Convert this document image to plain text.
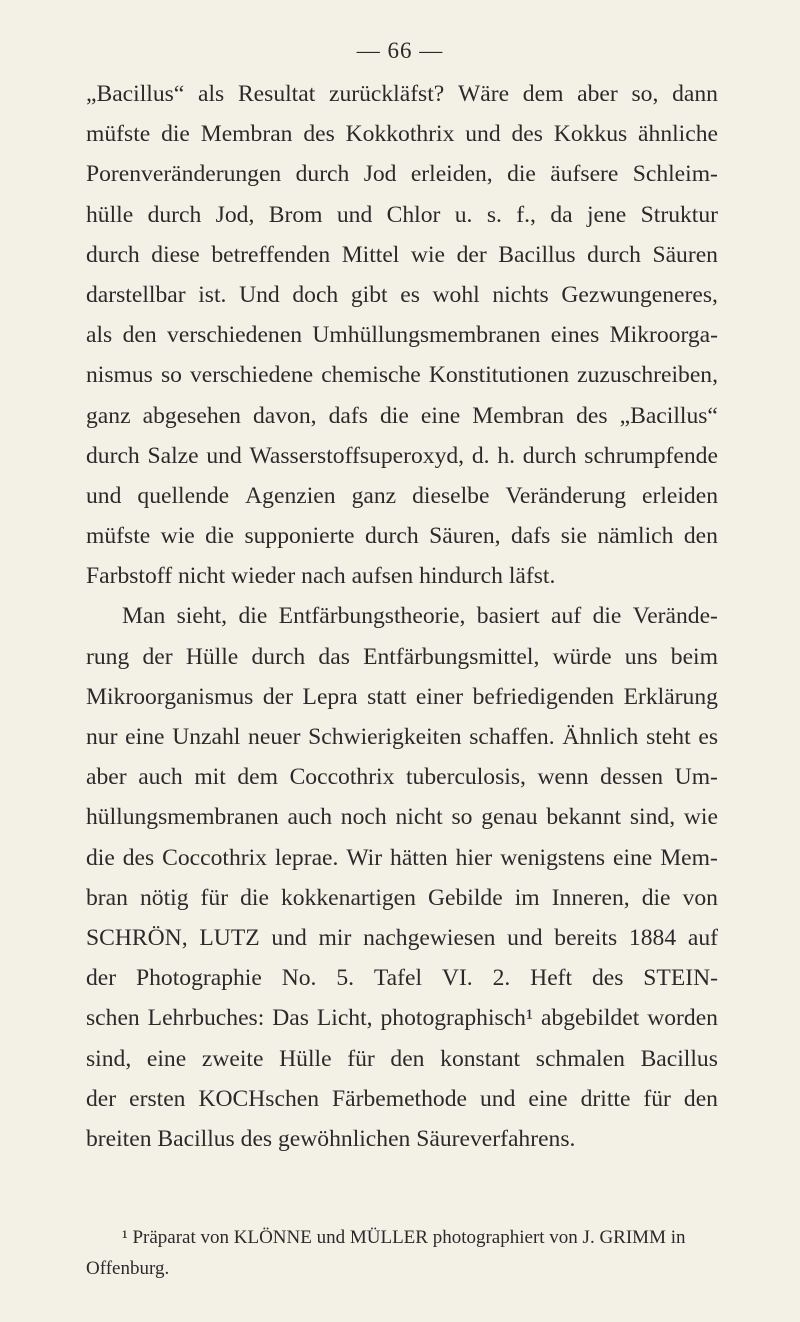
— 66 —
„Bacillus“ als Resultat zurückläfst? Wäre dem aber so, dann
müfste die Membran des Kokkothrix und des Kokkus ähnliche
Porenveränderungen durch Jod erleiden, die äufsere Schleim-
hülle durch Jod, Brom und Chlor u. s. f., da jene Struktur
durch diese betreffenden Mittel wie der Bacillus durch Säuren
darstellbar ist. Und doch gibt es wohl nichts Gezwungeneres,
als den verschiedenen Umhüllungsmembranen eines Mikroorga-
nismus so verschiedene chemische Konstitutionen zuzuschreiben,
ganz abgesehen davon, dafs die eine Membran des „Bacillus“
durch Salze und Wasserstoffsuperoxyd, d. h. durch schrumpfende
und quellende Agenzien ganz dieselbe Veränderung erleiden
müfste wie die supponierte durch Säuren, dafs sie nämlich den
Farbstoff nicht wieder nach aufsen hindurch läfst.
Man sieht, die Entfärbungstheorie, basiert auf die Verände-
rung der Hülle durch das Entfärbungsmittel, würde uns beim
Mikroorganismus der Lepra statt einer befriedigenden Erklärung
nur eine Unzahl neuer Schwierigkeiten schaffen. Ähnlich steht es
aber auch mit dem Coccothrix tuberculosis, wenn dessen Um-
hüllungsmembranen auch noch nicht so genau bekannt sind, wie
die des Coccothrix leprae. Wir hätten hier wenigstens eine Mem-
bran nötig für die kokkenartigen Gebilde im Inneren, die von
SCHRÖN, LUTZ und mir nachgewiesen und bereits 1884 auf
der Photographie No. 5. Tafel VI. 2. Heft des STEIN-
schen Lehrbuches: Das Licht, photographisch¹ abgebildet worden
sind, eine zweite Hülle für den konstant schmalen Bacillus
der ersten KOCHschen Färbemethode und eine dritte für den
breiten Bacillus des gewöhnlichen Säureverfahrens.
¹ Präparat von KLÖNNE und MÜLLER photographiert von J. GRIMM in
Offenburg.
